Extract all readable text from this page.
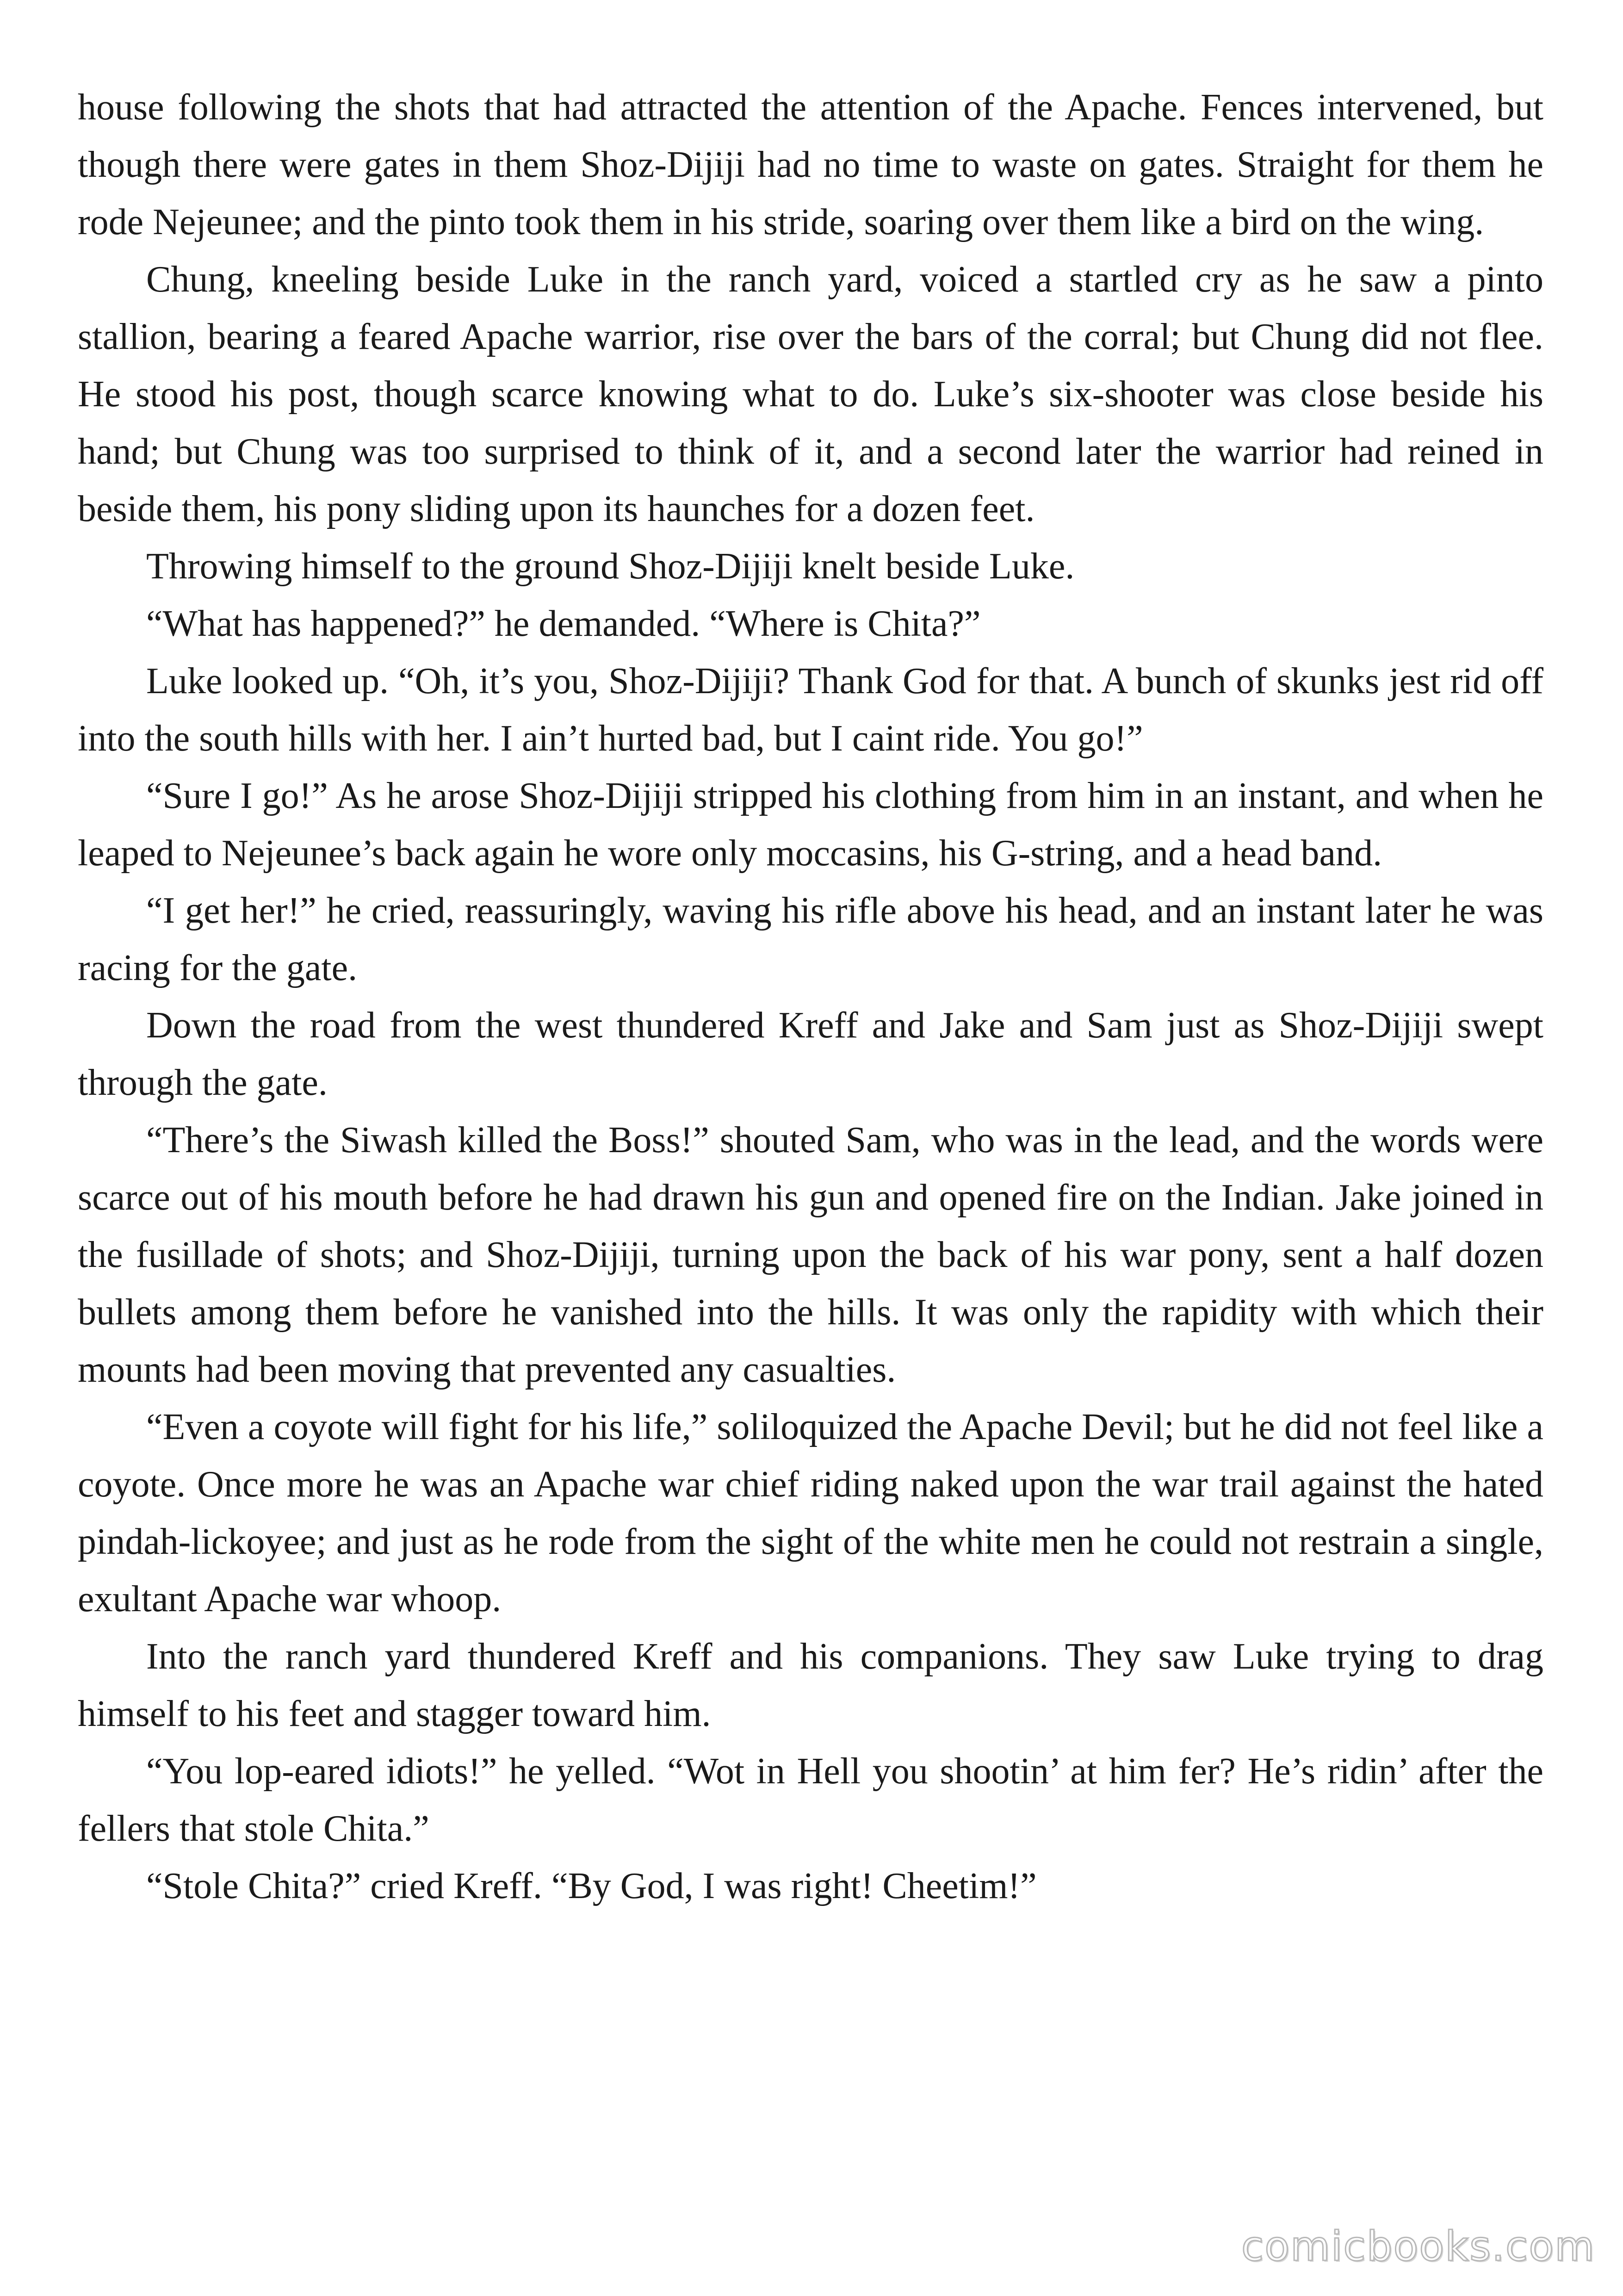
house following the shots that had attracted the attention of the Apache. Fences intervened, but though there were gates in them Shoz-Dijiji had no time to waste on gates. Straight for them he rode Nejeunee; and the pinto took them in his stride, soaring over them like a bird on the wing.

Chung, kneeling beside Luke in the ranch yard, voiced a startled cry as he saw a pinto stallion, bearing a feared Apache warrior, rise over the bars of the corral; but Chung did not flee. He stood his post, though scarce knowing what to do. Luke’s six-shooter was close beside his hand; but Chung was too surprised to think of it, and a second later the warrior had reined in beside them, his pony sliding upon its haunches for a dozen feet.

Throwing himself to the ground Shoz-Dijiji knelt beside Luke.

“What has happened?” he demanded. “Where is Chita?”

Luke looked up. “Oh, it’s you, Shoz-Dijiji? Thank God for that. A bunch of skunks jest rid off into the south hills with her. I ain’t hurted bad, but I caint ride. You go!”

“Sure I go!” As he arose Shoz-Dijiji stripped his clothing from him in an instant, and when he leaped to Nejeunee’s back again he wore only moccasins, his G-string, and a head band.

“I get her!” he cried, reassuringly, waving his rifle above his head, and an instant later he was racing for the gate.

Down the road from the west thundered Kreff and Jake and Sam just as Shoz-Dijiji swept through the gate.

“There’s the Siwash killed the Boss!” shouted Sam, who was in the lead, and the words were scarce out of his mouth before he had drawn his gun and opened fire on the Indian. Jake joined in the fusillade of shots; and Shoz-Dijiji, turning upon the back of his war pony, sent a half dozen bullets among them before he vanished into the hills. It was only the rapidity with which their mounts had been moving that prevented any casualties.

“Even a coyote will fight for his life,” soliloquized the Apache Devil; but he did not feel like a coyote. Once more he was an Apache war chief riding naked upon the war trail against the hated pindah-lickoyee; and just as he rode from the sight of the white men he could not restrain a single, exultant Apache war whoop.

Into the ranch yard thundered Kreff and his companions. They saw Luke trying to drag himself to his feet and stagger toward him.

“You lop-eared idiots!” he yelled. “Wot in Hell you shootin’ at him fer? He’s ridin’ after the fellers that stole Chita.”

“Stole Chita?” cried Kreff. “By God, I was right! Cheetim!”

comicbooks.com
